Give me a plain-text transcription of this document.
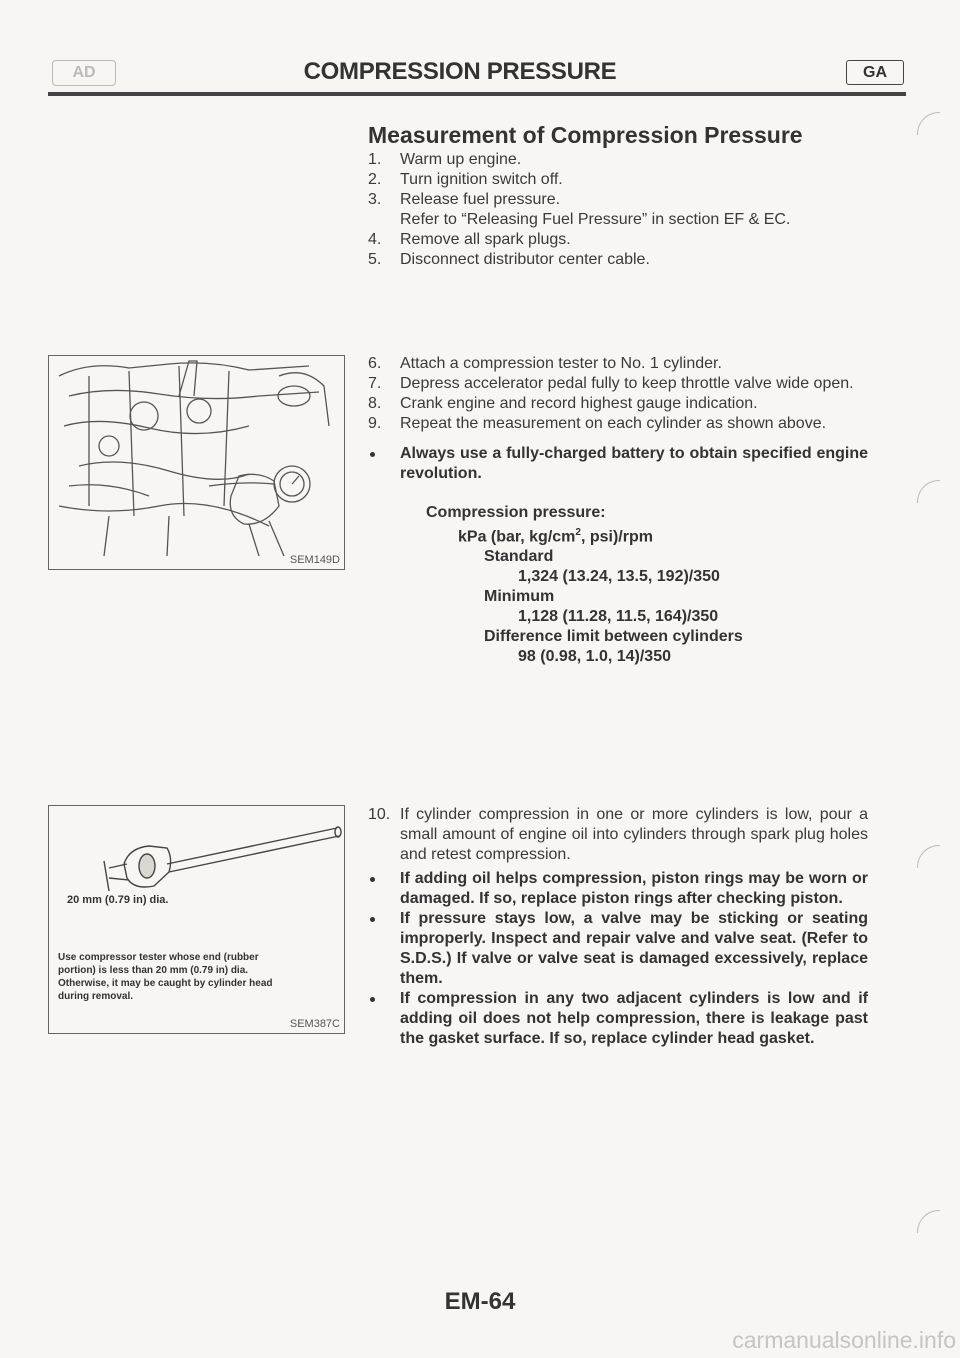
AD	COMPRESSION PRESSURE	GA
Measurement of Compression Pressure
1. Warm up engine.
2. Turn ignition switch off.
3. Release fuel pressure.
Refer to “Releasing Fuel Pressure” in section EF & EC.
4. Remove all spark plugs.
5. Disconnect distributor center cable.
SEM149D
6. Attach a compression tester to No. 1 cylinder.
7. Depress accelerator pedal fully to keep throttle valve wide open.
8. Crank engine and record highest gauge indication.
9. Repeat the measurement on each cylinder as shown above.
Always use a fully-charged battery to obtain specified engine revolution.
Compression pressure:
kPa (bar, $kg/cm^2$, psi)/rpm
Standard
1,324 (13.24, 13.5, 192)/350
Minimum
1,128 (11.28, 11.5, 164)/350
Difference limit between cylinders
98 (0.98, 1.0, 14)/350
20 mm (0.79 in) dia.
Use compressor tester whose end (rubber portion) is less than 20 mm (0.79 in) dia. Otherwise, it may be caught by cylinder head during removal.
SEM387C
10. If cylinder compression in one or more cylinders is low, pour a small amount of engine oil into cylinders through spark plug holes and retest compression.
If adding oil helps compression, piston rings may be worn or damaged. If so, replace piston rings after checking piston.
If pressure stays low, a valve may be sticking or seating improperly. Inspect and repair valve and valve seat. (Refer to S.D.S.) If valve or valve seat is damaged excessively, replace them.
If compression in any two adjacent cylinders is low and if adding oil does not help compression, there is leakage past the gasket surface. If so, replace cylinder head gasket.
EM-64
carmanualsonline.info
